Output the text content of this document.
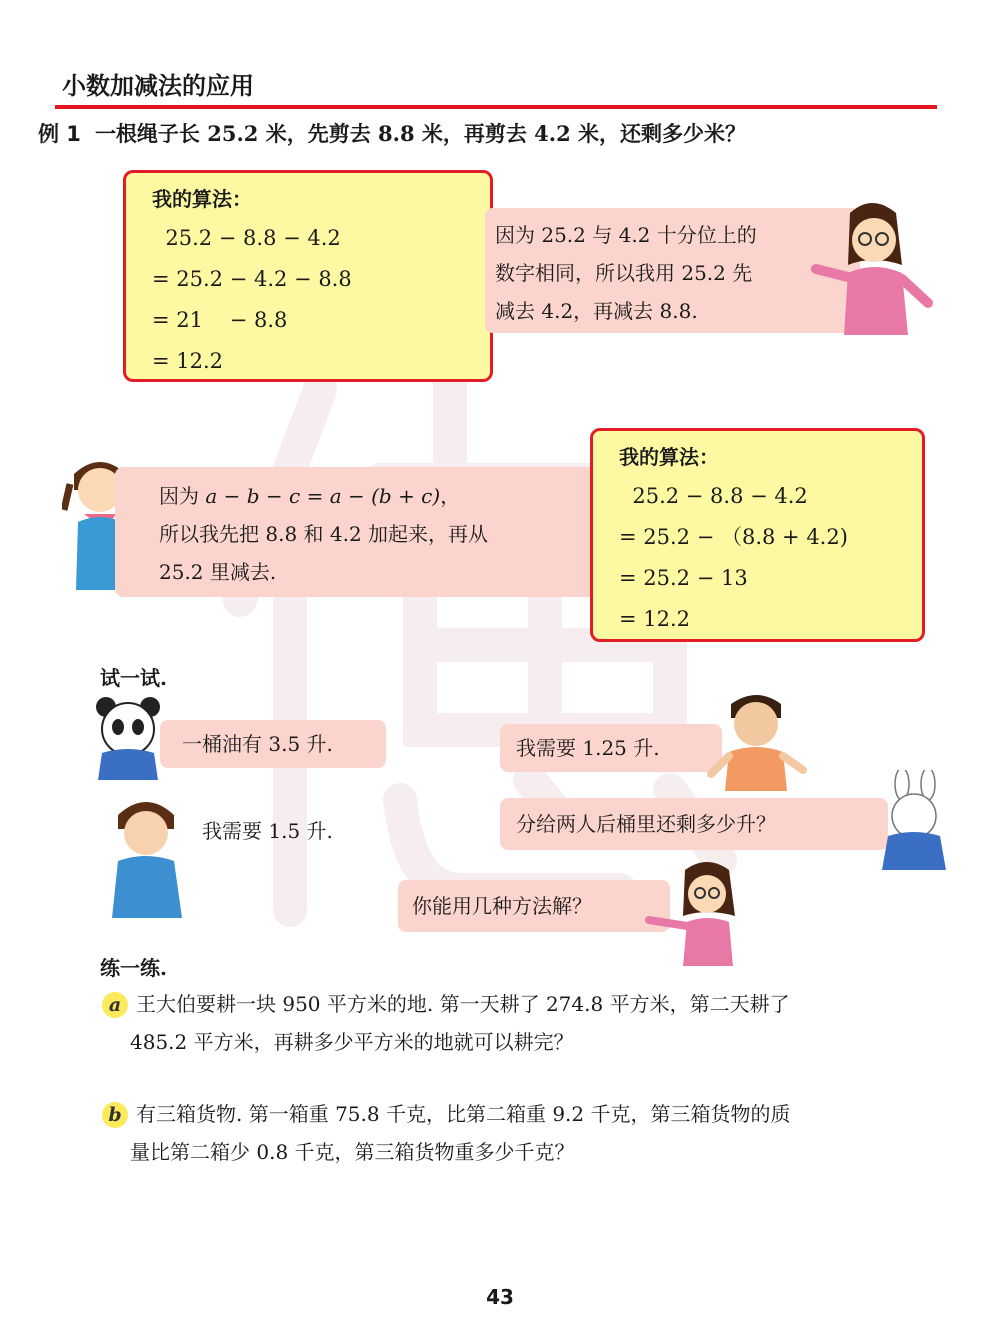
小数加减法的应用
例 1 一根绳子长 25.2 米，先剪去 8.8 米，再剪去 4.2 米，还剩多少米？
我的算法：
25.2 − 8.8 − 4.2
= 25.2 − 4.2 − 8.8
= 21    − 8.8
= 12.2
因为 25.2 与 4.2 十分位上的
数字相同，所以我用 25.2 先
减去 4.2，再减去 8.8.
因为 a − b − c = a − (b + c)，
所以我先把 8.8 和 4.2 加起来，再从
25.2 里减去.
我的算法：
25.2 − 8.8 − 4.2
= 25.2 − （8.8 + 4.2)
= 25.2 − 13
= 12.2
试一试.
一桶油有 3.5 升.	我需要 1.25 升.
我需要 1.5 升.	分给两人后桶里还剩多少升？
你能用几种方法解？
练一练.
a 王大伯要耕一块 950 平方米的地. 第一天耕了 274.8 平方米，第二天耕了
485.2 平方米，再耕多少平方米的地就可以耕完？
b 有三箱货物. 第一箱重 75.8 千克，比第二箱重 9.2 千克，第三箱货物的质
量比第二箱少 0.8 千克，第三箱货物重多少千克？
43
